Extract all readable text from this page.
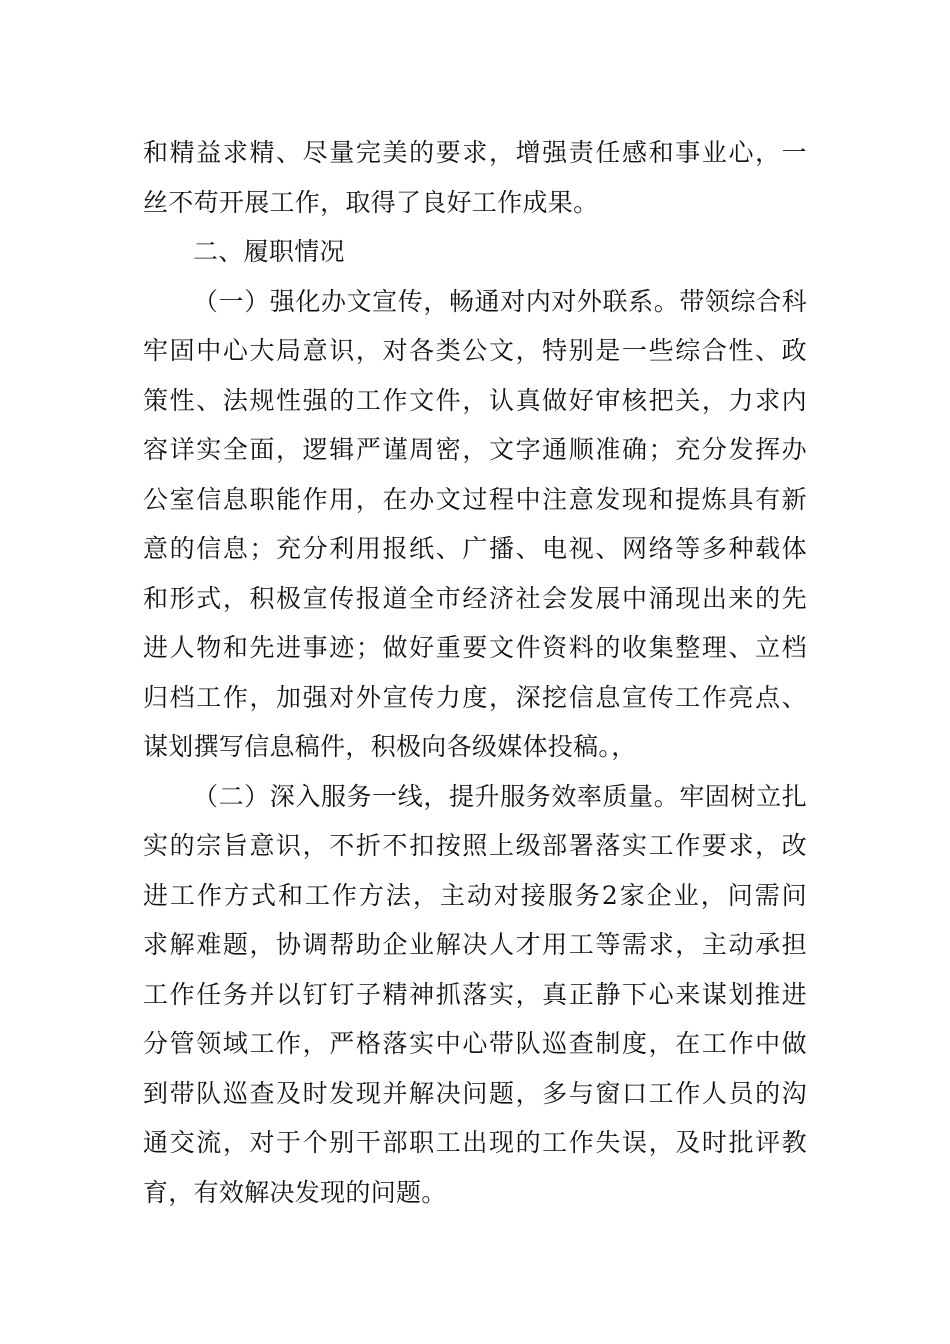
和精益求精、尽量完美的要求，增强责任感和事业心，一
丝不苟开展工作，取得了良好工作成果。
二、履职情况
（一）强化办文宣传，畅通对内对外联系。带领综合科
牢固中心大局意识，对各类公文，特别是一些综合性、政
策性、法规性强的工作文件，认真做好审核把关，力求内
容详实全面，逻辑严谨周密，文字通顺准确；充分发挥办
公室信息职能作用，在办文过程中注意发现和提炼具有新
意的信息；充分利用报纸、广播、电视、网络等多种载体
和形式，积极宣传报道全市经济社会发展中涌现出来的先
进人物和先进事迹；做好重要文件资料的收集整理、立档
归档工作，加强对外宣传力度，深挖信息宣传工作亮点、
谋划撰写信息稿件，积极向各级媒体投稿。，
（二）深入服务一线，提升服务效率质量。牢固树立扎
实的宗旨意识，不折不扣按照上级部署落实工作要求，改
进工作方式和工作方法，主动对接服务2家企业，问需问
求解难题，协调帮助企业解决人才用工等需求，主动承担
工作任务并以钉钉子精神抓落实，真正静下心来谋划推进
分管领域工作，严格落实中心带队巡查制度，在工作中做
到带队巡查及时发现并解决问题，多与窗口工作人员的沟
通交流，对于个别干部职工出现的工作失误，及时批评教
育，有效解决发现的问题。
